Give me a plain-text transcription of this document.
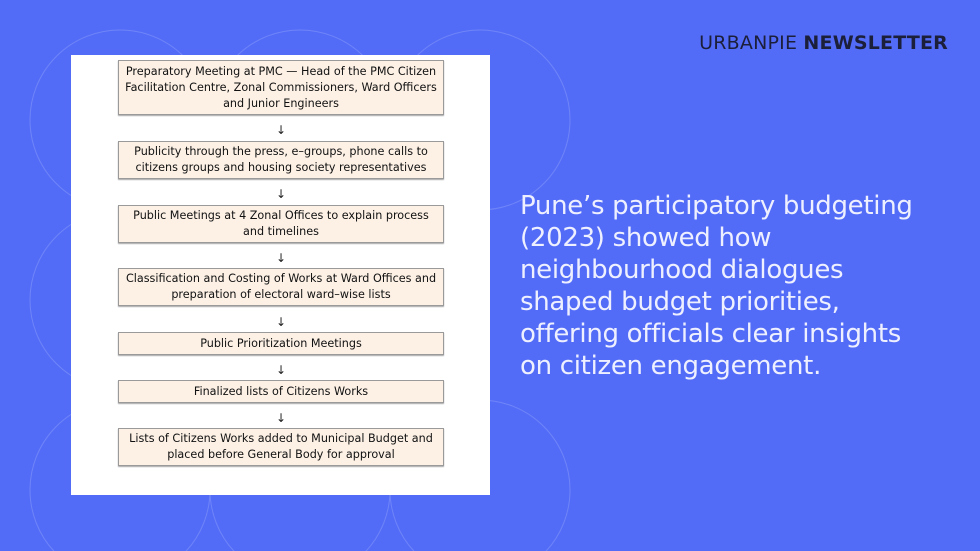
URBANPIE NEWSLETTER
Preparatory Meeting at PMC — Head of the PMC Citizen Facilitation Centre, Zonal Commissioners, Ward Officers and Junior Engineers
↓
Publicity through the press, e–groups, phone calls to citizens groups and housing society representatives
↓
Public Meetings at 4 Zonal Offices to explain process and timelines
↓
Classification and Costing of Works at Ward Offices and preparation of electoral ward–wise lists
↓
Public Prioritization Meetings
↓
Finalized lists of Citizens Works
↓
Lists of Citizens Works added to Municipal Budget and placed before General Body for approval

Pune’s participatory budgeting (2023) showed how neighbourhood dialogues shaped budget priorities, offering officials clear insights on citizen engagement.
